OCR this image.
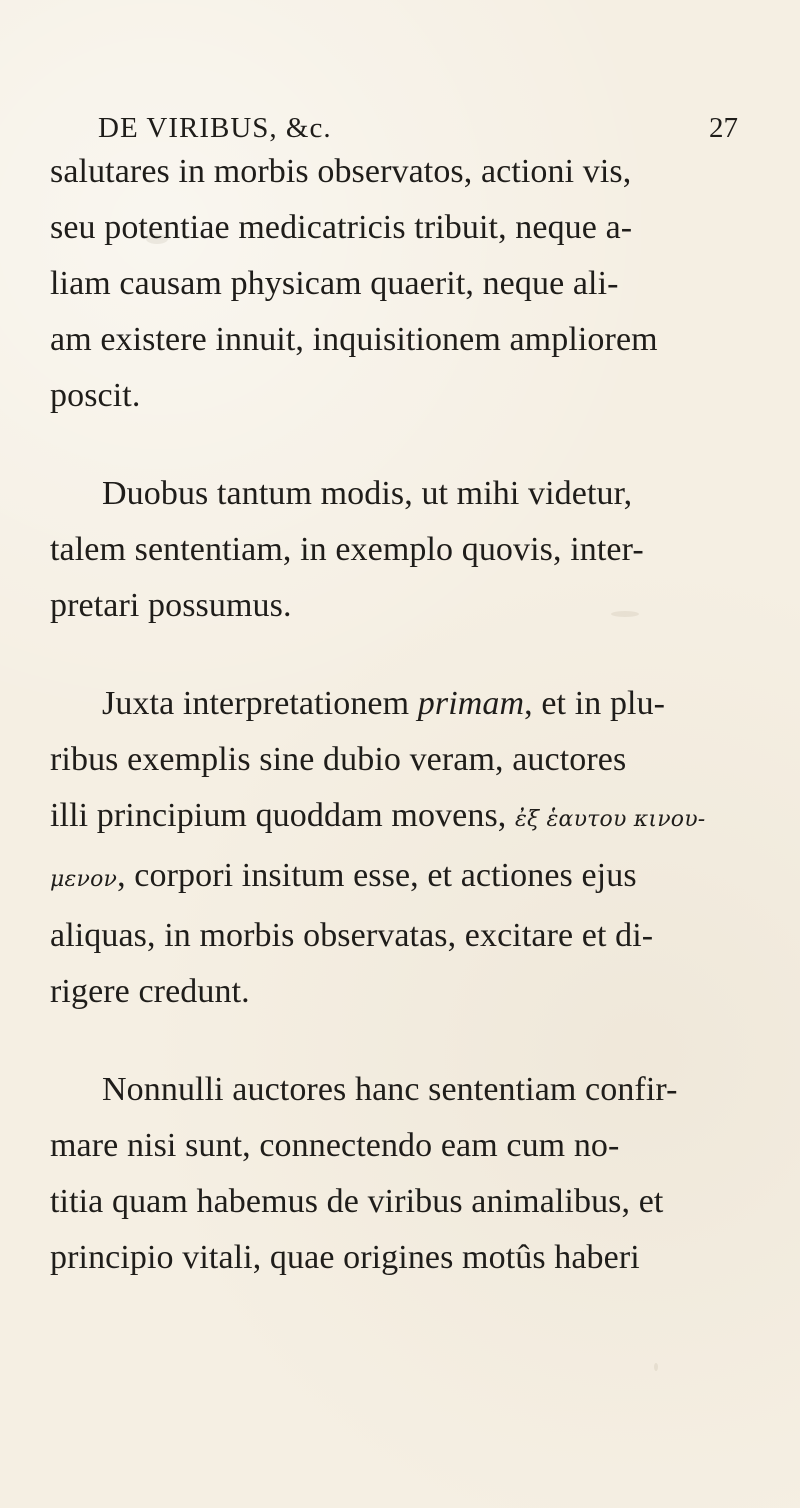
DE VIRIBUS, &c.	27
salutares in morbis observatos, actioni vis,
seu potentiae medicatricis tribuit, neque a-
liam causam physicam quaerit, neque ali-
am existere innuit, inquisitionem ampliorem
poscit.
Duobus tantum modis, ut mihi videtur,
talem sententiam, in exemplo quovis, inter-
pretari possumus.
Juxta interpretationem primam, et in plu-
ribus exemplis sine dubio veram, auctores
illi principium quoddam movens, ἐξ ἑαυτου κινου-
μενον, corpori insitum esse, et actiones ejus
aliquas, in morbis observatas, excitare et di-
rigere credunt.
Nonnulli auctores hanc sententiam confir-
mare nisi sunt, connectendo eam cum no-
titia quam habemus de viribus animalibus, et
principio vitali, quae origines motûs haberi
